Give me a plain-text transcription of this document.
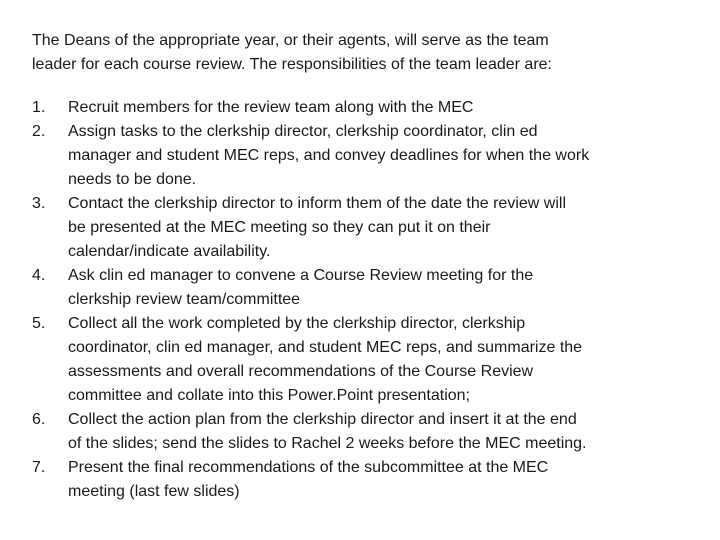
The Deans of the appropriate year, or their agents, will serve as the team
leader for each course review. The responsibilities of the team leader are:
1. Recruit members for the review team along with the MEC
2. Assign tasks to the clerkship director, clerkship coordinator, clin ed
manager and student MEC reps, and convey deadlines for when the work
needs to be done.
3. Contact the clerkship director to inform them of the date the review will
be presented at the MEC meeting so they can put it on their
calendar/indicate availability.
4. Ask clin ed manager to convene a Course Review meeting for the
clerkship review team/committee
5. Collect all the work completed by the clerkship director, clerkship
coordinator, clin ed manager, and student MEC reps, and summarize the
assessments and overall recommendations of the Course Review
committee and collate into this Power.Point presentation;
6. Collect the action plan from the clerkship director and insert it at the end
of the slides; send the slides to Rachel 2 weeks before the MEC meeting.
7. Present the final recommendations of the subcommittee at the MEC
meeting (last few slides)
